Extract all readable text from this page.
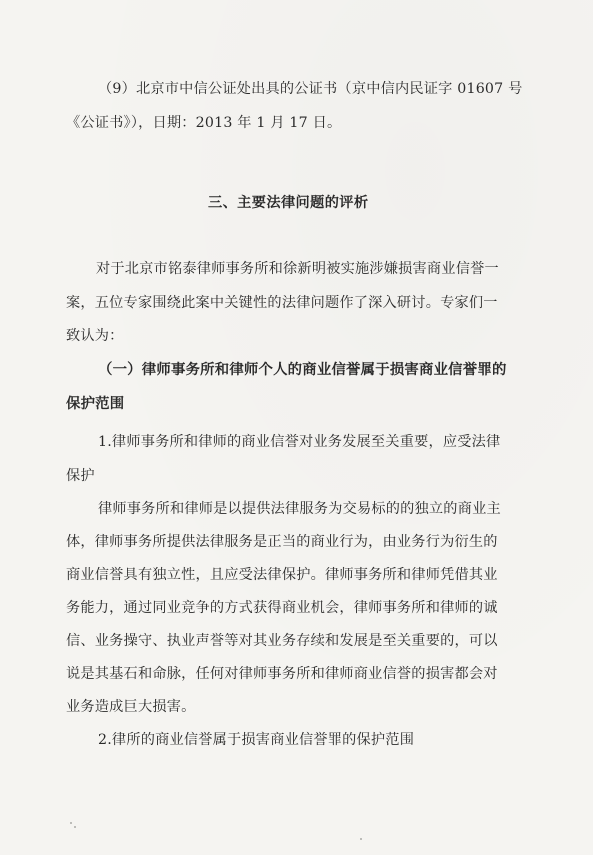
（9）北京市中信公证处出具的公证书（京中信内民证字 01607 号
《公证书》），日期：2013 年 1 月 17 日。
三、主要法律问题的评析
对于北京市铭泰律师事务所和徐新明被实施涉嫌损害商业信誉一
案，五位专家围绕此案中关键性的法律问题作了深入研讨。专家们一
致认为：
（一）律师事务所和律师个人的商业信誉属于损害商业信誉罪的
保护范围
1.律师事务所和律师的商业信誉对业务发展至关重要，应受法律
保护
律师事务所和律师是以提供法律服务为交易标的的独立的商业主
体，律师事务所提供法律服务是正当的商业行为，由业务行为衍生的
商业信誉具有独立性，且应受法律保护。律师事务所和律师凭借其业
务能力，通过同业竞争的方式获得商业机会，律师事务所和律师的诚
信、业务操守、执业声誉等对其业务存续和发展是至关重要的，可以
说是其基石和命脉，任何对律师事务所和律师商业信誉的损害都会对
业务造成巨大损害。
2.律所的商业信誉属于损害商业信誉罪的保护范围
